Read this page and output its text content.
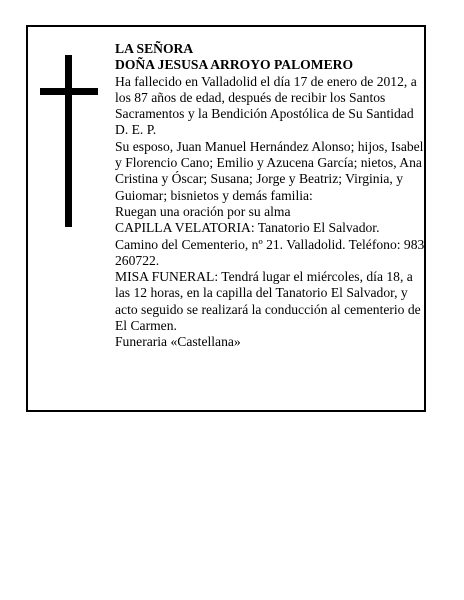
LA SEÑORA

DOÑA JESUSA ARROYO PALOMERO

Ha fallecido en Valladolid el día 17 de enero de 2012, a los 87 años de edad, después de recibir los Santos Sacramentos y la Bendición Apostólica de Su Santidad D. E. P.

Su esposo, Juan Manuel Hernández Alonso; hijos, Isabel y Florencio Cano; Emilio y Azucena García; nietos, Ana Cristina y Óscar; Susana; Jorge y Beatriz; Virginia, y Guiomar; bisnietos y demás familia:

Ruegan una oración por su alma

CAPILLA VELATORIA: Tanatorio El Salvador. Camino del Cementerio, nº 21. Valladolid. Teléfono: 983 260722.

MISA FUNERAL: Tendrá lugar el miércoles, día 18, a las 12 horas, en la capilla del Tanatorio El Salvador, y acto seguido se realizará la conducción al cementerio de El Carmen.

Funeraria «Castellana»
